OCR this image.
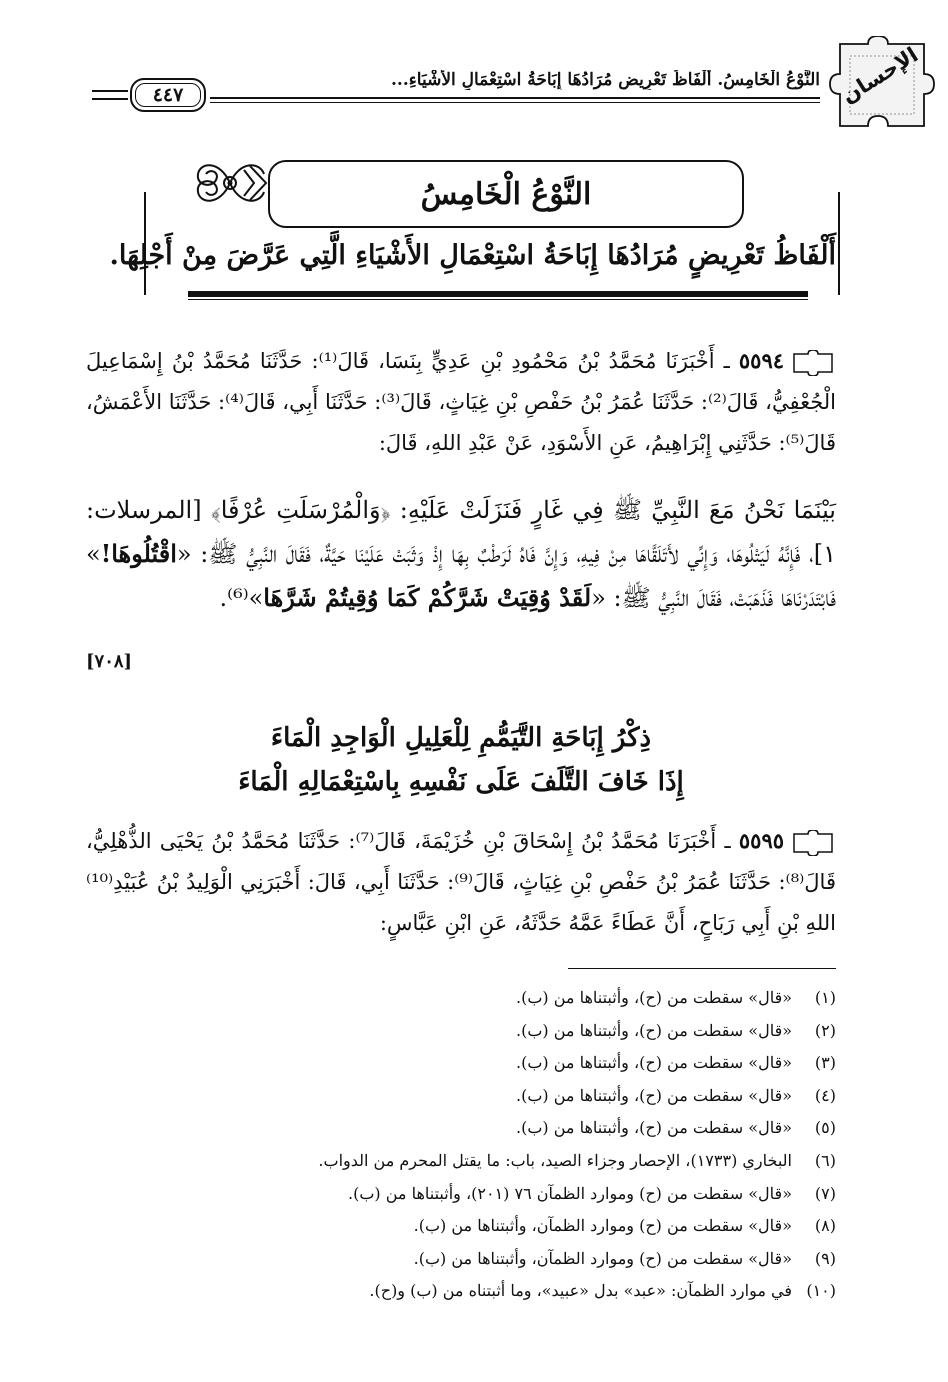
الإحسان
النَّوْعُ الْخَامِسُ. أَلْفَاظُ تَعْرِيضٍ مُرَادُهَا إِبَاحَةُ اسْتِعْمَالِ الأَشْيَاءِ...
٤٤٧
النَّوْعُ الْخَامِسُ
أَلْفَاظُ تَعْرِيضٍ مُرَادُهَا إِبَاحَةُ اسْتِعْمَالِ الأَشْيَاءِ الَّتِي عَرَّضَ مِنْ أَجْلِهَا.
٥٥٩٤ ـ أَخْبَرَنَا مُحَمَّدُ بْنُ مَحْمُودِ بْنِ عَدِيٍّ بِنَسَا، قَالَ⁽¹⁾: حَدَّثَنَا مُحَمَّدُ بْنُ إِسْمَاعِيلَ الْجُعْفِيُّ، قَالَ⁽²⁾: حَدَّثَنَا عُمَرُ بْنُ حَفْصِ بْنِ غِيَاثٍ، قَالَ⁽³⁾: حَدَّثَنَا أَبِي، قَالَ⁽⁴⁾: حَدَّثَنَا الأَعْمَشُ، قَالَ⁽⁵⁾: حَدَّثَنِي إِبْرَاهِيمُ، عَنِ الأَسْوَدِ، عَنْ عَبْدِ اللهِ، قَالَ:
بَيْنَمَا نَحْنُ مَعَ النَّبِيِّ ﷺ فِي غَارٍ فَنَزَلَتْ عَلَيْهِ: ﴿وَالْمُرْسَلَتِ عُرْفًا﴾ [المرسلات: ١]، فَإِنَّهُ لَيَتْلُوهَا، وَإِنِّي لأَتَلَقَّاهَا مِنْ فِيهِ، وَإِنَّ فَاهُ لَرَطْبٌ بِهَا إِذْ وَثَبَتْ عَلَيْنَا حَيَّةٌ، فَقَالَ النَّبِيُّ ﷺ: «اقْتُلُوهَا!» فَابْتَدَرْنَاهَا فَذَهَبَتْ، فَقَالَ النَّبِيُّ ﷺ: «لَقَدْ وُقِيَتْ شَرَّكُمْ كَمَا وُقِيتُمْ شَرَّهَا»⁽⁶⁾.
[٧٠٨]
ذِكْرُ إِبَاحَةِ التَّيَمُّمِ لِلْعَلِيلِ الْوَاجِدِ الْمَاءَ
إِذَا خَافَ التَّلَفَ عَلَى نَفْسِهِ بِاسْتِعْمَالِهِ الْمَاءَ
٥٥٩٥ ـ أَخْبَرَنَا مُحَمَّدُ بْنُ إِسْحَاقَ بْنِ خُزَيْمَةَ، قَالَ⁽⁷⁾: حَدَّثَنَا مُحَمَّدُ بْنُ يَحْيَى الذُّهْلِيُّ، قَالَ⁽⁸⁾: حَدَّثَنَا عُمَرُ بْنُ حَفْصِ بْنِ غِيَاثٍ، قَالَ⁽⁹⁾: حَدَّثَنَا أَبِي، قَالَ: أَخْبَرَنِي الْوَلِيدُ بْنُ عُبَيْدِ⁽¹⁰⁾ اللهِ بْنِ أَبِي رَبَاحٍ، أَنَّ عَطَاءً عَمَّهُ حَدَّثَهُ، عَنِ ابْنِ عَبَّاسٍ:
(١)«قال» سقطت من (ح)، وأثبتناها من (ب).
(٢)«قال» سقطت من (ح)، وأثبتناها من (ب).
(٣)«قال» سقطت من (ح)، وأثبتناها من (ب).
(٤)«قال» سقطت من (ح)، وأثبتناها من (ب).
(٥)«قال» سقطت من (ح)، وأثبتناها من (ب).
(٦)البخاري (١٧٣٣)، الإحصار وجزاء الصيد، باب: ما يقتل المحرم من الدواب.
(٧)«قال» سقطت من (ح) وموارد الظمآن ٧٦ (٢٠١)، وأثبتناها من (ب).
(٨)«قال» سقطت من (ح) وموارد الظمآن، وأثبتناها من (ب).
(٩)«قال» سقطت من (ح) وموارد الظمآن، وأثبتناها من (ب).
(١٠)في موارد الظمآن: «عبد» بدل «عبيد»، وما أثبتناه من (ب) و(ح).
